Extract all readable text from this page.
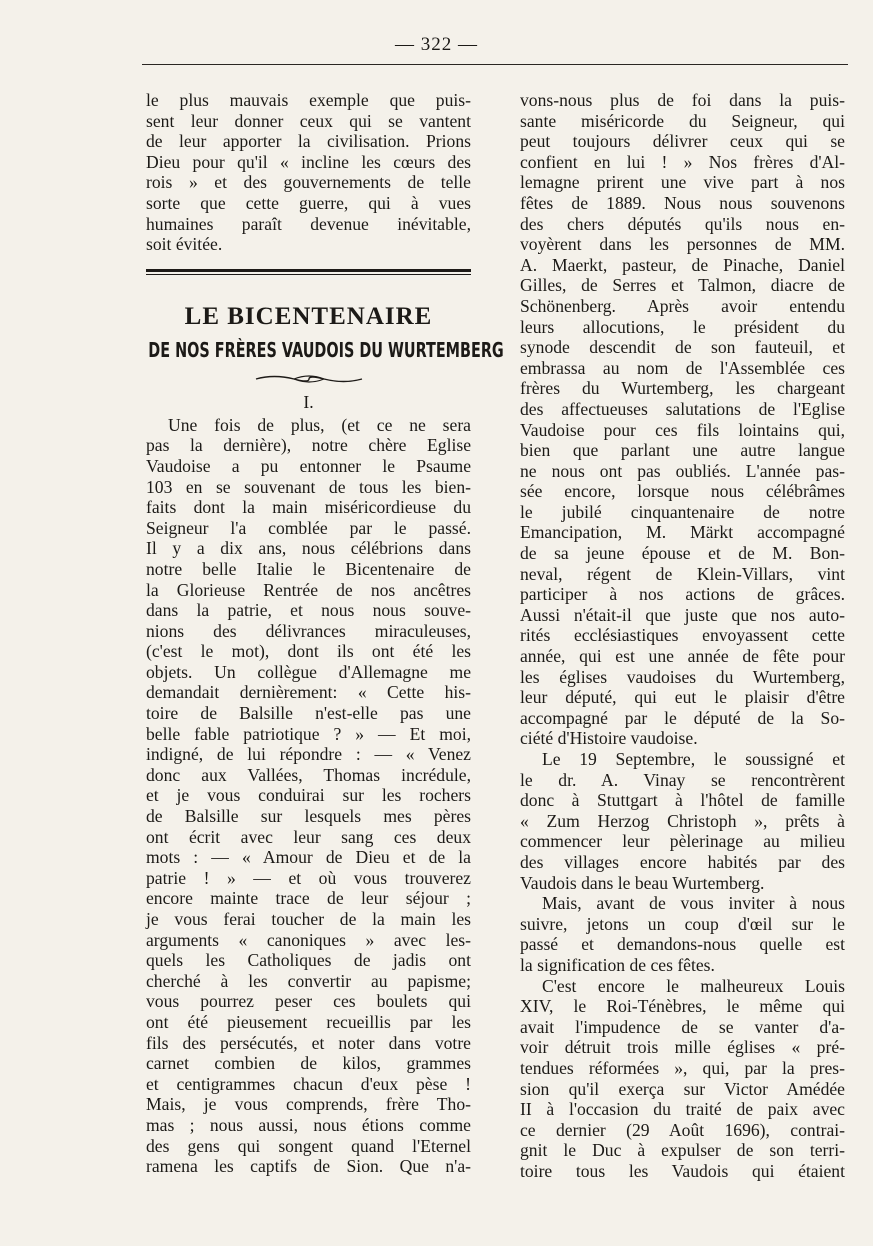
— 322 —
le plus mauvais exemple que puis-
sent leur donner ceux qui se vantent
de leur apporter la civilisation. Prions
Dieu pour qu'il « incline les cœurs des
rois » et des gouvernements de telle
sorte que cette guerre, qui à vues
humaines paraît devenue inévitable,
soit évitée.
LE BICENTENAIRE
DE NOS FRÈRES VAUDOIS DU WURTEMBERG
I.
Une fois de plus, (et ce ne sera
pas la dernière), notre chère Eglise
Vaudoise a pu entonner le Psaume
103 en se souvenant de tous les bien-
faits dont la main miséricordieuse du
Seigneur l'a comblée par le passé.
Il y a dix ans, nous célébrions dans
notre belle Italie le Bicentenaire de
la Glorieuse Rentrée de nos ancêtres
dans la patrie, et nous nous souve-
nions des délivrances miraculeuses,
(c'est le mot), dont ils ont été les
objets. Un collègue d'Allemagne me
demandait dernièrement: « Cette his-
toire de Balsille n'est-elle pas une
belle fable patriotique ? » — Et moi,
indigné, de lui répondre : — « Venez
donc aux Vallées, Thomas incrédule,
et je vous conduirai sur les rochers
de Balsille sur lesquels mes pères
ont écrit avec leur sang ces deux
mots : — « Amour de Dieu et de la
patrie ! » — et où vous trouverez
encore mainte trace de leur séjour ;
je vous ferai toucher de la main les
arguments « canoniques » avec les-
quels les Catholiques de jadis ont
cherché à les convertir au papisme;
vous pourrez peser ces boulets qui
ont été pieusement recueillis par les
fils des persécutés, et noter dans votre
carnet combien de kilos, grammes
et centigrammes chacun d'eux pèse !
Mais, je vous comprends, frère Tho-
mas ; nous aussi, nous étions comme
des gens qui songent quand l'Eternel
ramena les captifs de Sion. Que n'a-
vons-nous plus de foi dans la puis-
sante miséricorde du Seigneur, qui
peut toujours délivrer ceux qui se
confient en lui ! » Nos frères d'Al-
lemagne prirent une vive part à nos
fêtes de 1889. Nous nous souvenons
des chers députés qu'ils nous en-
voyèrent dans les personnes de MM.
A. Maerkt, pasteur, de Pinache, Daniel
Gilles, de Serres et Talmon, diacre de
Schönenberg. Après avoir entendu
leurs allocutions, le président du
synode descendit de son fauteuil, et
embrassa au nom de l'Assemblée ces
frères du Wurtemberg, les chargeant
des affectueuses salutations de l'Eglise
Vaudoise pour ces fils lointains qui,
bien que parlant une autre langue
ne nous ont pas oubliés. L'année pas-
sée encore, lorsque nous célébrâmes
le jubilé cinquantenaire de notre
Emancipation, M. Märkt accompagné
de sa jeune épouse et de M. Bon-
neval, régent de Klein-Villars, vint
participer à nos actions de grâces.
Aussi n'était-il que juste que nos auto-
rités ecclésiastiques envoyassent cette
année, qui est une année de fête pour
les églises vaudoises du Wurtemberg,
leur député, qui eut le plaisir d'être
accompagné par le député de la So-
ciété d'Histoire vaudoise.
Le 19 Septembre, le soussigné et
le dr. A. Vinay se rencontrèrent
donc à Stuttgart à l'hôtel de famille
« Zum Herzog Christoph », prêts à
commencer leur pèlerinage au milieu
des villages encore habités par des
Vaudois dans le beau Wurtemberg.
Mais, avant de vous inviter à nous
suivre, jetons un coup d'œil sur le
passé et demandons-nous quelle est
la signification de ces fêtes.
C'est encore le malheureux Louis
XIV, le Roi-Ténèbres, le même qui
avait l'impudence de se vanter d'a-
voir détruit trois mille églises « pré-
tendues réformées », qui, par la pres-
sion qu'il exerça sur Victor Amédée
II à l'occasion du traité de paix avec
ce dernier (29 Août 1696), contrai-
gnit le Duc à expulser de son terri-
toire tous les Vaudois qui étaient
